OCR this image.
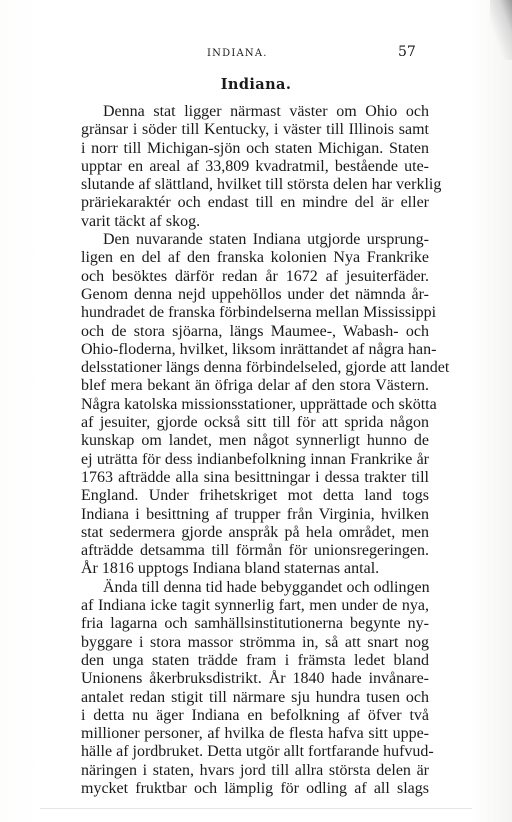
INDIANA.	57
Indiana.
Denna stat ligger närmast väster om Ohio och
gränsar i söder till Kentucky, i väster till Illinois samt
i norr till Michigan-sjön och staten Michigan. Staten
upptar en areal af 33,809 kvadratmil, bestående ute-
slutande af slättland, hvilket till största delen har verklig
präriekaraktér och endast till en mindre del är eller
varit täckt af skog.
Den nuvarande staten Indiana utgjorde ursprung-
ligen en del af den franska kolonien Nya Frankrike
och besöktes därför redan år 1672 af jesuiterfäder.
Genom denna nejd uppehöllos under det nämnda år-
hundradet de franska förbindelserna mellan Mississippi
och de stora sjöarna, längs Maumee-, Wabash- och
Ohio-floderna, hvilket, liksom inrättandet af några han-
delsstationer längs denna förbindelseled, gjorde att landet
blef mera bekant än öfriga delar af den stora Västern.
Några katolska missionsstationer, upprättade och skötta
af jesuiter, gjorde också sitt till för att sprida någon
kunskap om landet, men något synnerligt hunno de
ej uträtta för dess indianbefolkning innan Frankrike år
1763 afträdde alla sina besittningar i dessa trakter till
England. Under frihetskriget mot detta land togs
Indiana i besittning af trupper från Virginia, hvilken
stat sedermera gjorde anspråk på hela området, men
afträdde detsamma till förmån för unionsregeringen.
År 1816 upptogs Indiana bland staternas antal.
Ända till denna tid hade bebyggandet och odlingen
af Indiana icke tagit synnerlig fart, men under de nya,
fria lagarna och samhällsinstitutionerna begynte ny-
byggare i stora massor strömma in, så att snart nog
den unga staten trädde fram i främsta ledet bland
Unionens åkerbruksdistrikt. År 1840 hade invånare-
antalet redan stigit till närmare sju hundra tusen och
i detta nu äger Indiana en befolkning af öfver två
millioner personer, af hvilka de flesta hafva sitt uppe-
hälle af jordbruket. Detta utgör allt fortfarande hufvud-
näringen i staten, hvars jord till allra största delen är
mycket fruktbar och lämplig för odling af all slags
